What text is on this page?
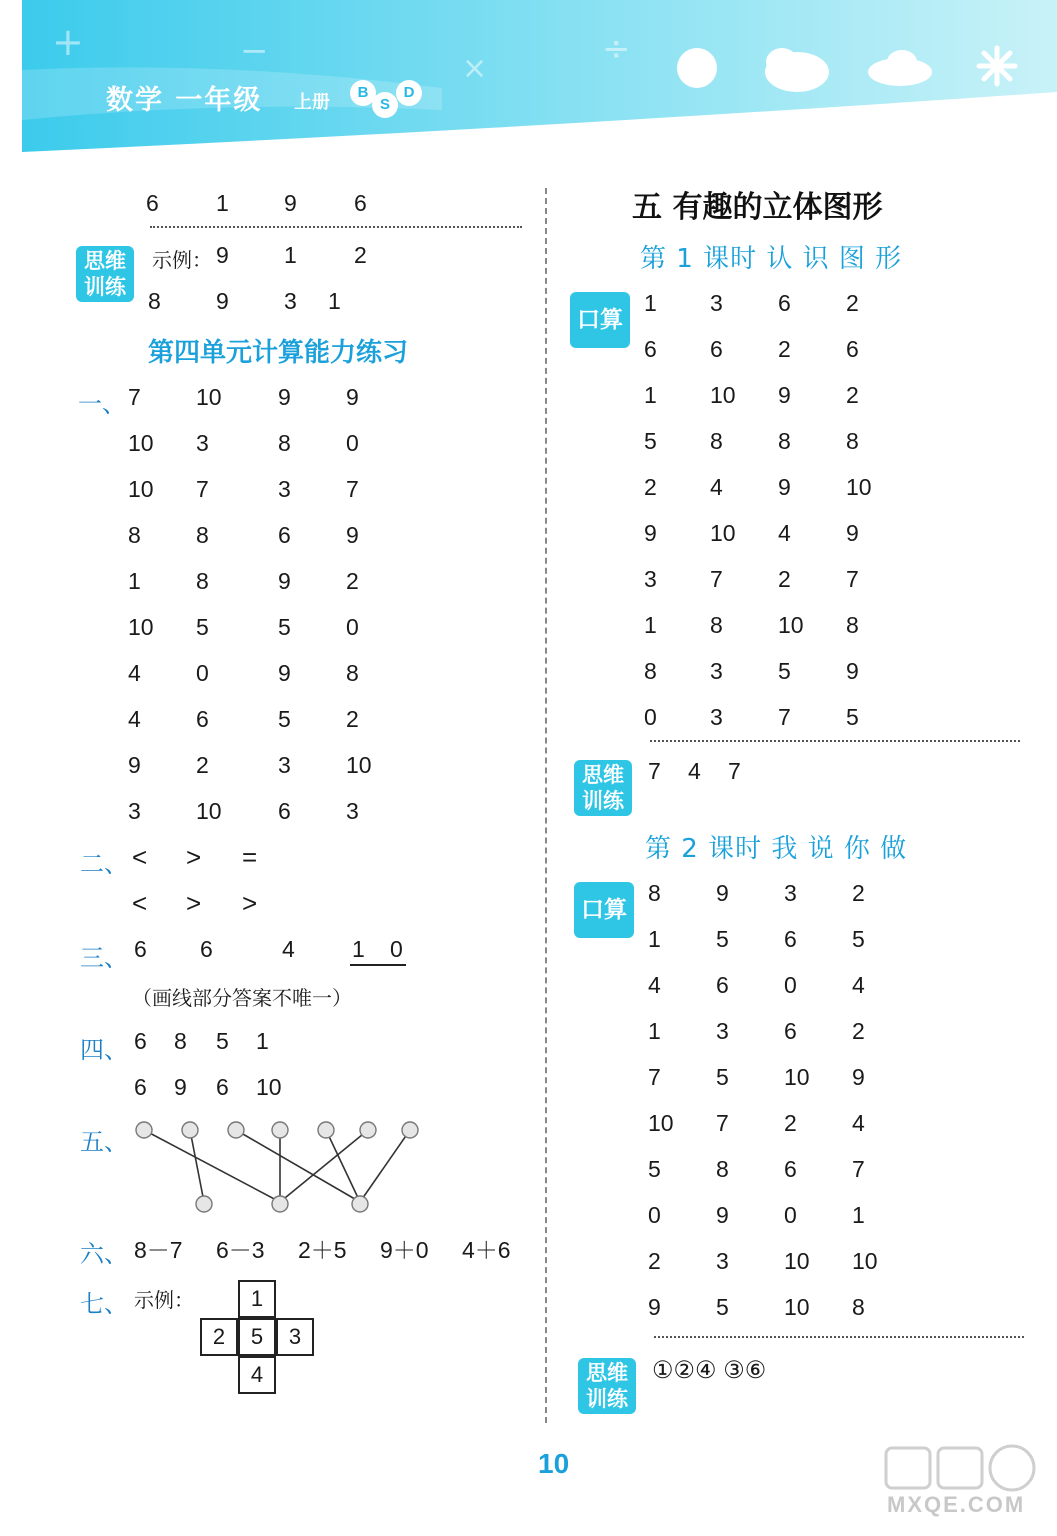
+	−	×	÷
数学 一年级 上册	B
S
D
6 1 9 6
思维
训练
示例： 9 1 2
8 9 3 1
第四单元计算能力练习
一、 7 10 9 9
10 3	8 0
10 7	3 7
8 8	6 9
1 8	9 2
10 5	5 0
4 0	9 8
4 6	5 2
9 2	3 10
3 10 6 3
二、 < > =
< > >
三、 6 6	4 1 0
（画线部分答案不唯一）
四、 6 8 5 1
6 9 6 10
五、
六、 8－7 6－3 2＋5 9＋0 4＋6
七、 示例：	1
2	5	3
4
五 有趣的立体图形
第 1 课时 认 识 图 形
口算
1 3 6 2
6 6 2 6
1 10 9 2
5 8 8 8
2 4 9 10
9 10 4 9
3 7 2 7
1 8 10 8
8 3 5 9
0 3 7 5
思维
训练
7 4 7
第 2 课时 我 说 你 做
口算
8 9 3 2
1 5 6 5
4 6 0 4
1 3 6 2
7 5 10 9
10 7 2 4
5 8 6 7
0 9 0 1
2 3 10 10
9 5 10 8
思维
训练
①②④ ③⑥
10
MXQE.COM
